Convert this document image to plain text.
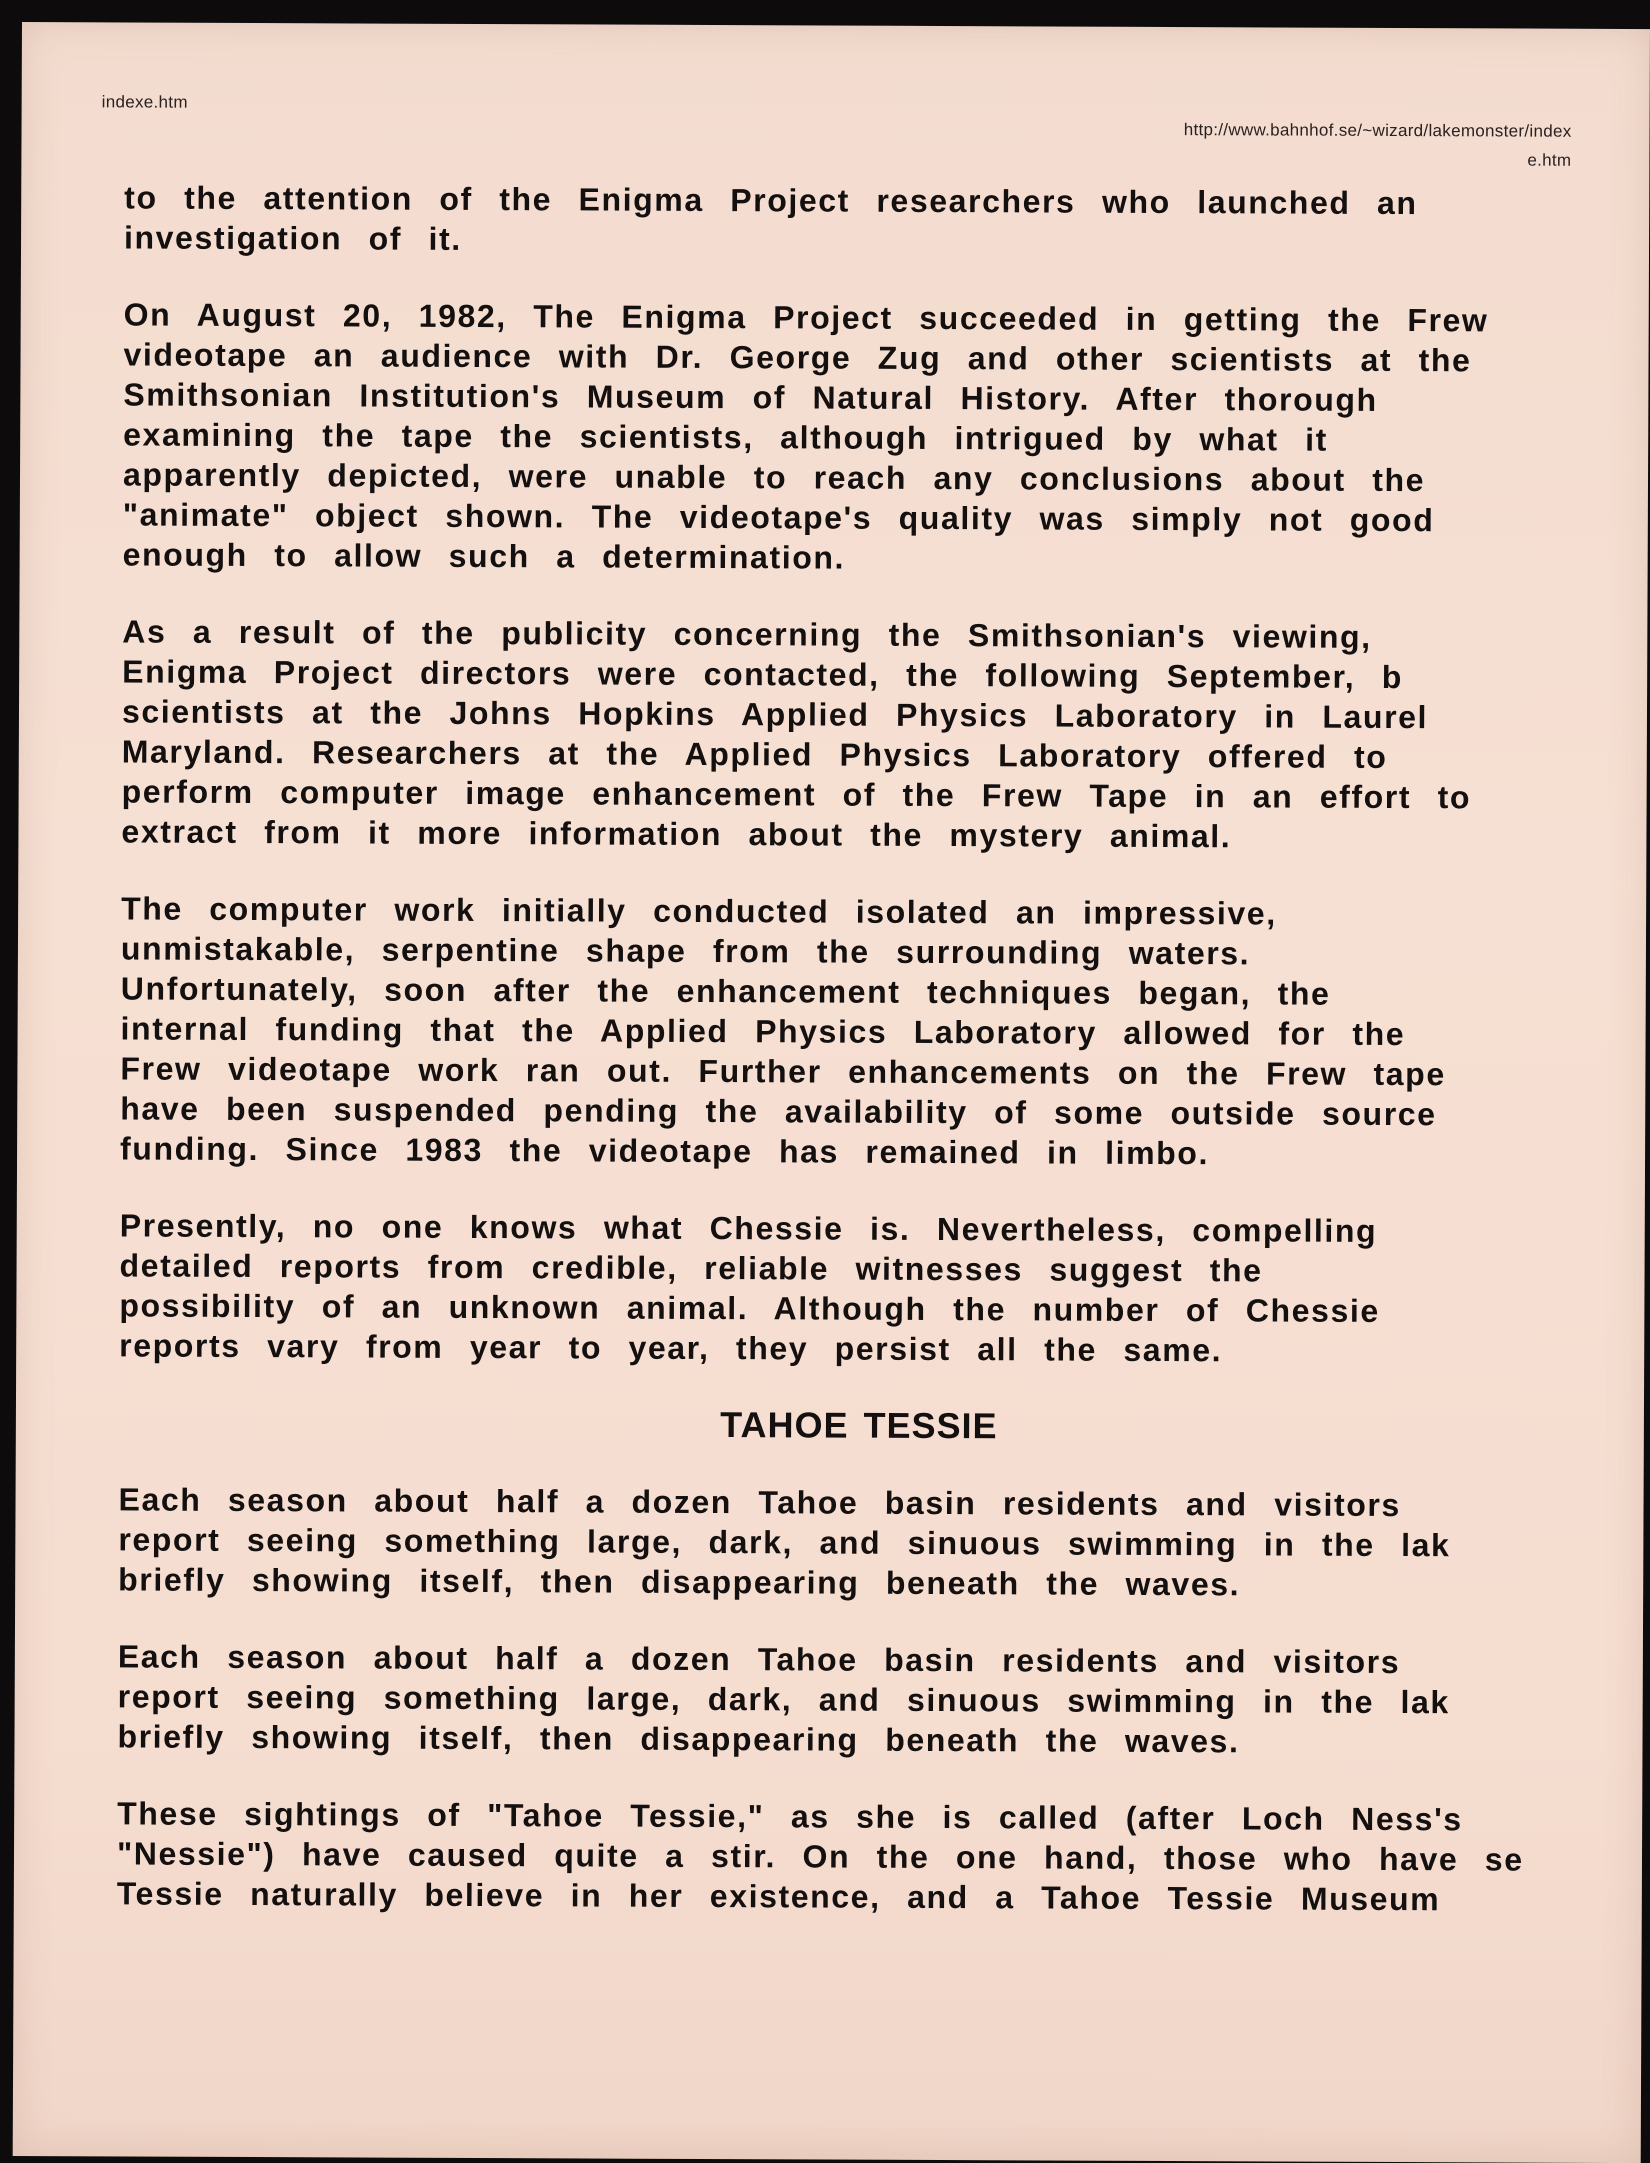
indexe.htm
http://www.bahnhof.se/~wizard/lakemonster/index
e.htm

to the attention of the Enigma Project researchers who launched an
investigation of it.

On August 20, 1982, The Enigma Project succeeded in getting the Frew
videotape an audience with Dr. George Zug and other scientists at the
Smithsonian Institution's Museum of Natural History. After thorough
examining the tape the scientists, although intrigued by what it
apparently depicted, were unable to reach any conclusions about the
"animate" object shown. The videotape's quality was simply not good
enough to allow such a determination.

As a result of the publicity concerning the Smithsonian's viewing,
Enigma Project directors were contacted, the following September, b
scientists at the Johns Hopkins Applied Physics Laboratory in Laurel
Maryland. Researchers at the Applied Physics Laboratory offered to
perform computer image enhancement of the Frew Tape in an effort to
extract from it more information about the mystery animal.

The computer work initially conducted isolated an impressive,
unmistakable, serpentine shape from the surrounding waters.
Unfortunately, soon after the enhancement techniques began, the
internal funding that the Applied Physics Laboratory allowed for the
Frew videotape work ran out. Further enhancements on the Frew tape
have been suspended pending the availability of some outside source
funding. Since 1983 the videotape has remained in limbo.

Presently, no one knows what Chessie is. Nevertheless, compelling
detailed reports from credible, reliable witnesses suggest the
possibility of an unknown animal. Although the number of Chessie
reports vary from year to year, they persist all the same.

TAHOE TESSIE

Each season about half a dozen Tahoe basin residents and visitors
report seeing something large, dark, and sinuous swimming in the lak
briefly showing itself, then disappearing beneath the waves.

Each season about half a dozen Tahoe basin residents and visitors
report seeing something large, dark, and sinuous swimming in the lak
briefly showing itself, then disappearing beneath the waves.

These sightings of "Tahoe Tessie," as she is called (after Loch Ness's
"Nessie") have caused quite a stir. On the one hand, those who have se
Tessie naturally believe in her existence, and a Tahoe Tessie Museum
